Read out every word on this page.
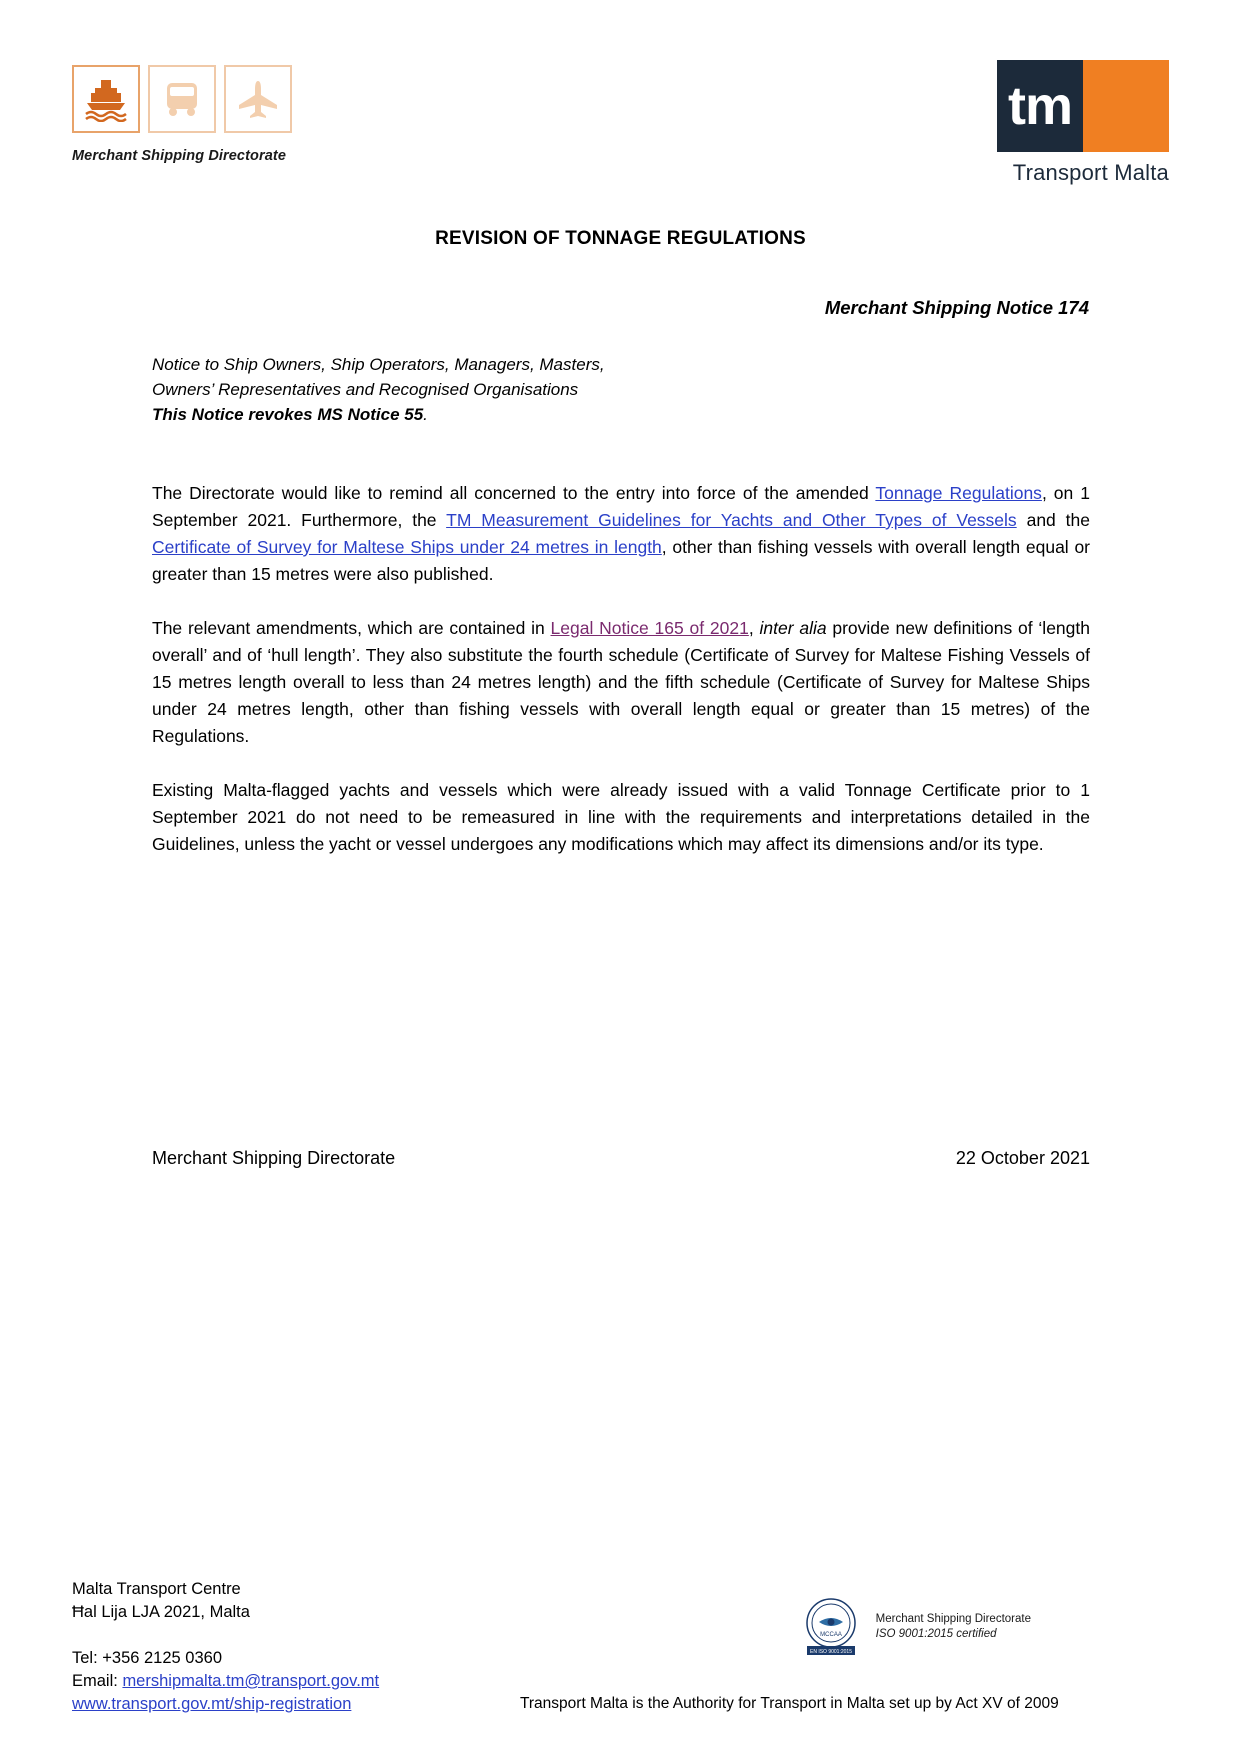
Merchant Shipping Directorate
tm
Transport Malta
REVISION OF TONNAGE REGULATIONS
Merchant Shipping Notice 174
Notice to Ship Owners, Ship Operators, Managers, Masters,
Owners’ Representatives and Recognised Organisations
This Notice revokes MS Notice 55.

The Directorate would like to remind all concerned to the entry into force of the amended Tonnage Regulations, on 1 September 2021. Furthermore, the TM Measurement Guidelines for Yachts and Other Types of Vessels and the Certificate of Survey for Maltese Ships under 24 metres in length, other than fishing vessels with overall length equal or greater than 15 metres were also published.

The relevant amendments, which are contained in Legal Notice 165 of 2021, inter alia provide new definitions of ‘length overall’ and of ‘hull length’. They also substitute the fourth schedule (Certificate of Survey for Maltese Fishing Vessels of 15 metres length overall to less than 24 metres length) and the fifth schedule (Certificate of Survey for Maltese Ships under 24 metres length, other than fishing vessels with overall length equal or greater than 15 metres) of the Regulations.

Existing Malta-flagged yachts and vessels which were already issued with a valid Tonnage Certificate prior to 1 September 2021 do not need to be remeasured in line with the requirements and interpretations detailed in the Guidelines, unless the yacht or vessel undergoes any modifications which may affect its dimensions and/or its type.

Merchant Shipping Directorate	22 October 2021
Malta Transport Centre
Ħal Lija LJA 2021, Malta
Tel: +356 2125 0360
Email: mershipmalta.tm@transport.gov.mt
www.transport.gov.mt/ship-registration	Transport Malta is the Authority for Transport in Malta set up by Act XV of 2009
MCCAA
EN ISO 9001:2015
Merchant Shipping Directorate
ISO 9001:2015 certified
